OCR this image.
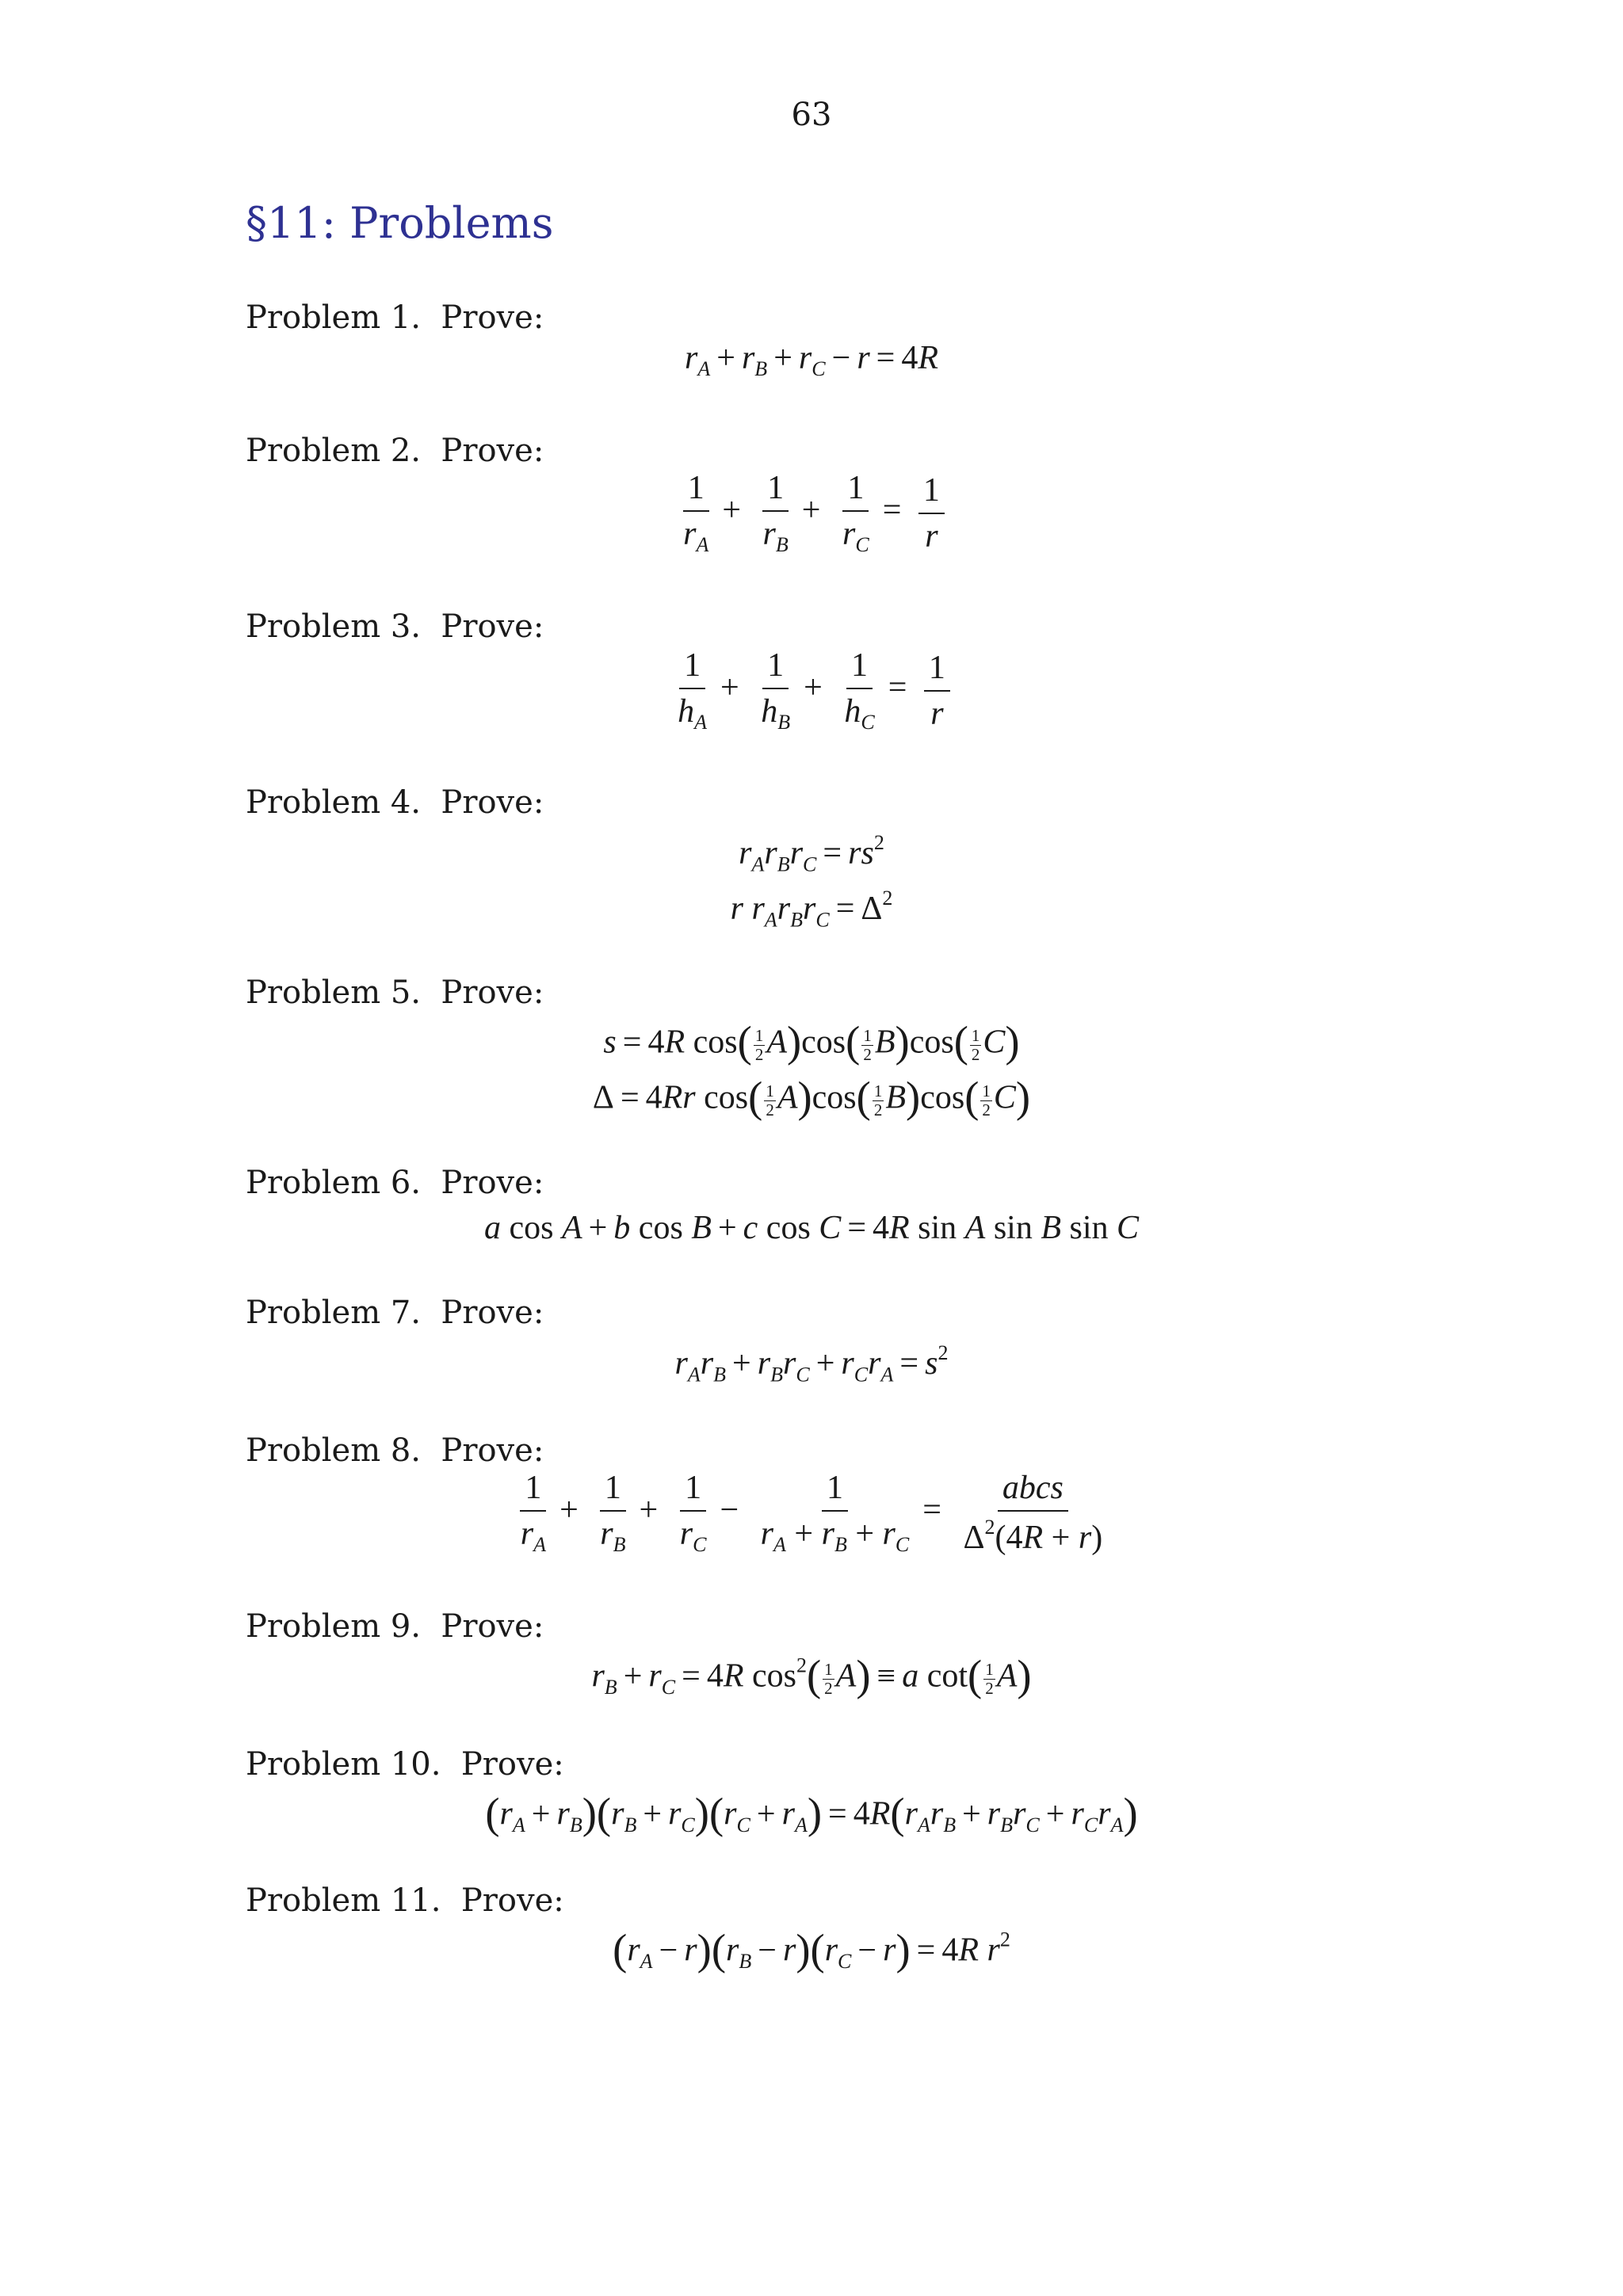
63
§11: Problems
Problem 1.  Prove:
Problem 2.  Prove:
Problem 3.  Prove:
Problem 4.  Prove:
Problem 5.  Prove:
Problem 6.  Prove:
Problem 7.  Prove:
Problem 8.  Prove:
Problem 9.  Prove:
Problem 10.  Prove:
Problem 11.  Prove:
$r_A + r_B + r_C - r = 4R$
$\frac{1}{r_A} + \frac{1}{r_B} + \frac{1}{r_C} = \frac{1}{r}$
$\frac{1}{h_A} + \frac{1}{h_B} + \frac{1}{h_C} = \frac{1}{r}$
$r_Ar_Br_C = rs^2$
r $r_Ar_Br_C = \Delta^2$
s = 4R $\cos( \frac{1}{2} A)\cos( \frac{1}{2} B)\cos( \frac{1}{2} C)$
Δ = 4Rr $\cos( \frac{1}{2} A)\cos( \frac{1}{2} B)\cos( \frac{1}{2} C)$
a cos A + b cos B + c cos C = 4R sin A sin B sin C
$r_Ar_B + r_Br_C + r_Cr_A = s^2$
$\frac{1}{r_A} + \frac{1}{r_B} + \frac{1}{r_C} - \frac{1}{r_A + r_B + r_C} = \frac{\text{abcs}}{\Delta^2(4R + r)}$
$r_B + r_C = 4R$ $\cos^2( \frac{1}{2} A) \equiv a$ $\cot( \frac{1}{2} A)$
$(r_A + r_B)(r_B + r_C)(r_C + r_A) = 4R(r_Ar_B + r_Br_C + r_Cr_A)$
$(r_A - r)(r_B - r)(r_C - r) = 4R$ $r^2$
